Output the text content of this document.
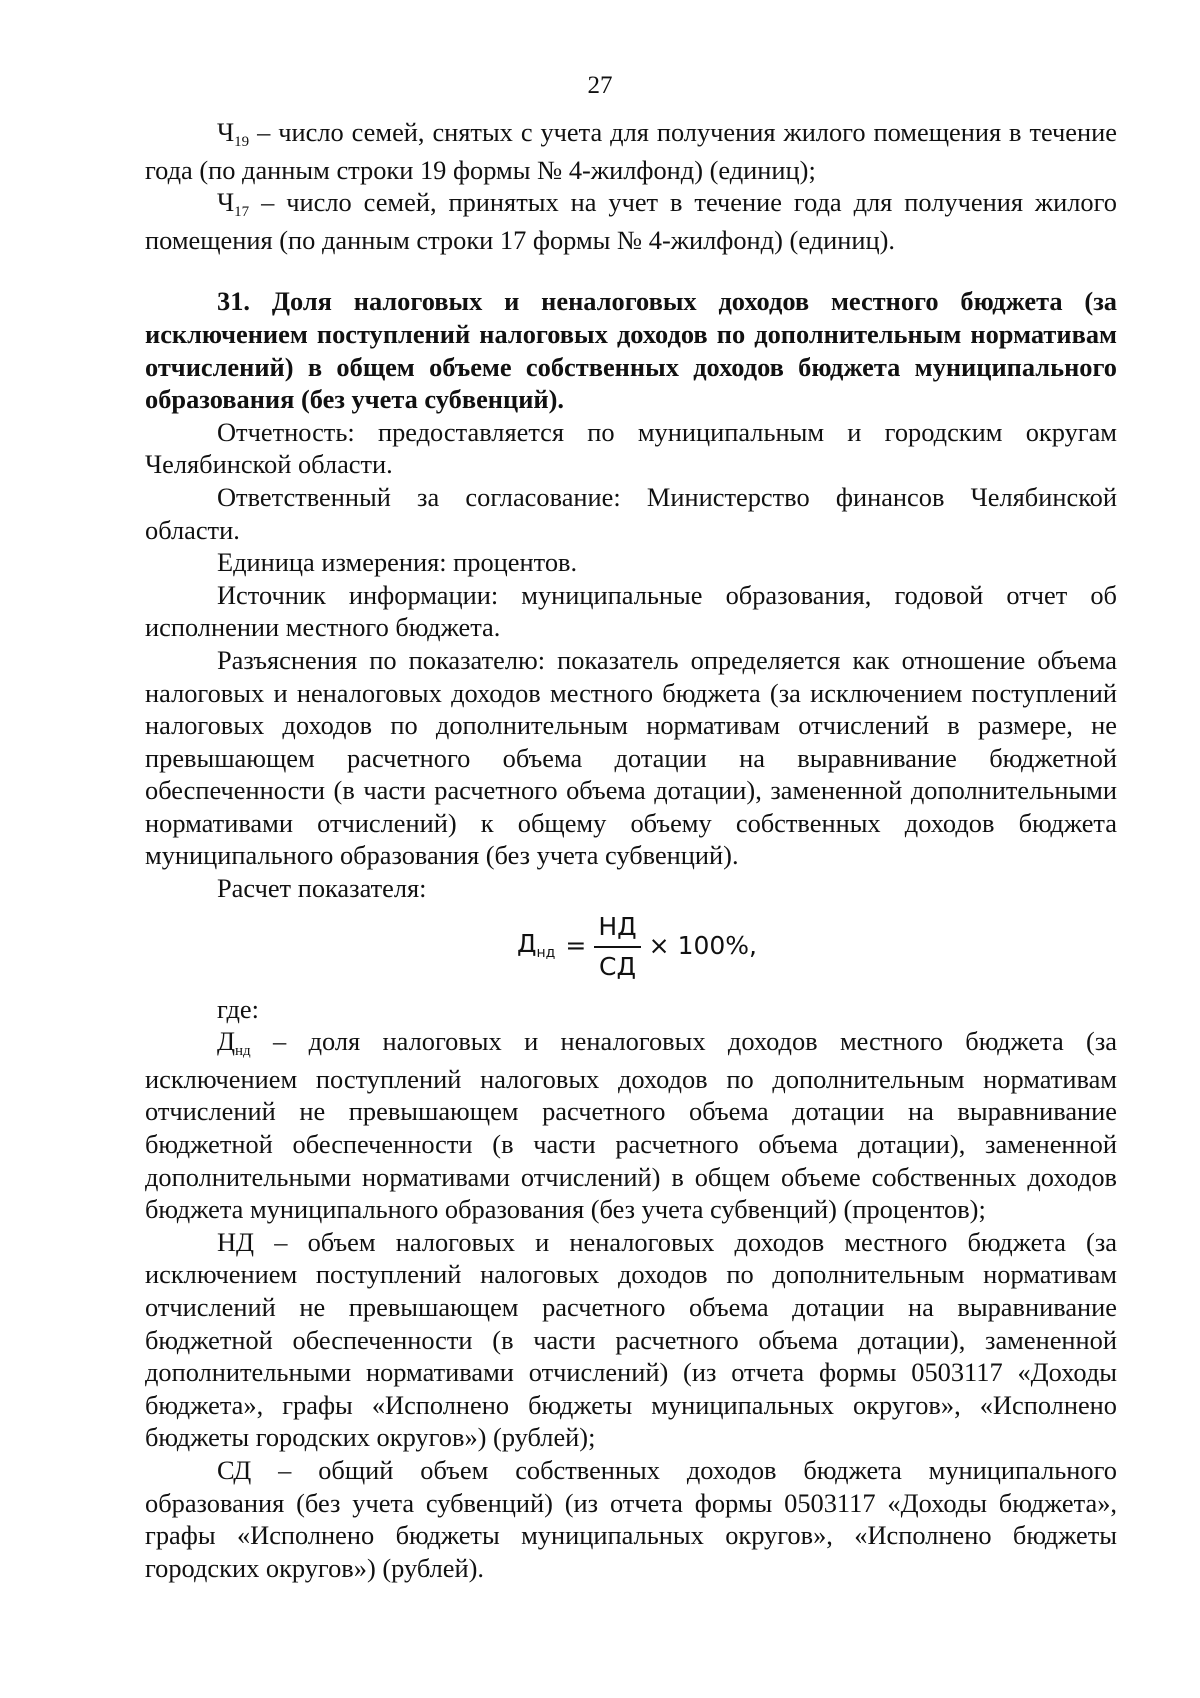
27

Ч19 – число семей, снятых с учета для получения жилого помещения в течение года (по данным строки 19 формы № 4-жилфонд) (единиц);

Ч17 – число семей, принятых на учет в течение года для получения жилого помещения (по данным строки 17 формы № 4-жилфонд) (единиц).

31. Доля налоговых и неналоговых доходов местного бюджета (за исключением поступлений налоговых доходов по дополнительным нормативам отчислений) в общем объеме собственных доходов бюджета муниципального образования (без учета субвенций).

Отчетность: предоставляется по муниципальным и городским округам Челябинской области.

Ответственный за согласование: Министерство финансов Челябинской области.

Единица измерения: процентов.

Источник информации: муниципальные образования, годовой отчет об исполнении местного бюджета.

Разъяснения по показателю: показатель определяется как отношение объема налоговых и неналоговых доходов местного бюджета (за исключением поступлений налоговых доходов по дополнительным нормативам отчислений в размере, не превышающем расчетного объема дотации на выравнивание бюджетной обеспеченности (в части расчетного объема дотации), замененной дополнительными нормативами отчислений) к общему объему собственных доходов бюджета муниципального образования (без учета субвенций).

Расчет показателя:

$Д_{нд} = \frac{НД}{СД} \times 100\%$,

где:

Днд – доля налоговых и неналоговых доходов местного бюджета (за исключением поступлений налоговых доходов по дополнительным нормативам отчислений не превышающем расчетного объема дотации на выравнивание бюджетной обеспеченности (в части расчетного объема дотации), замененной дополнительными нормативами отчислений) в общем объеме собственных доходов бюджета муниципального образования (без учета субвенций) (процентов);

НД – объем налоговых и неналоговых доходов местного бюджета (за исключением поступлений налоговых доходов по дополнительным нормативам отчислений не превышающем расчетного объема дотации на выравнивание бюджетной обеспеченности (в части расчетного объема дотации), замененной дополнительными нормативами отчислений) (из отчета формы 0503117 «Доходы бюджета», графы «Исполнено бюджеты муниципальных округов», «Исполнено бюджеты городских округов») (рублей);

СД – общий объем собственных доходов бюджета муниципального образования (без учета субвенций) (из отчета формы 0503117 «Доходы бюджета», графы «Исполнено бюджеты муниципальных округов», «Исполнено бюджеты городских округов») (рублей).
